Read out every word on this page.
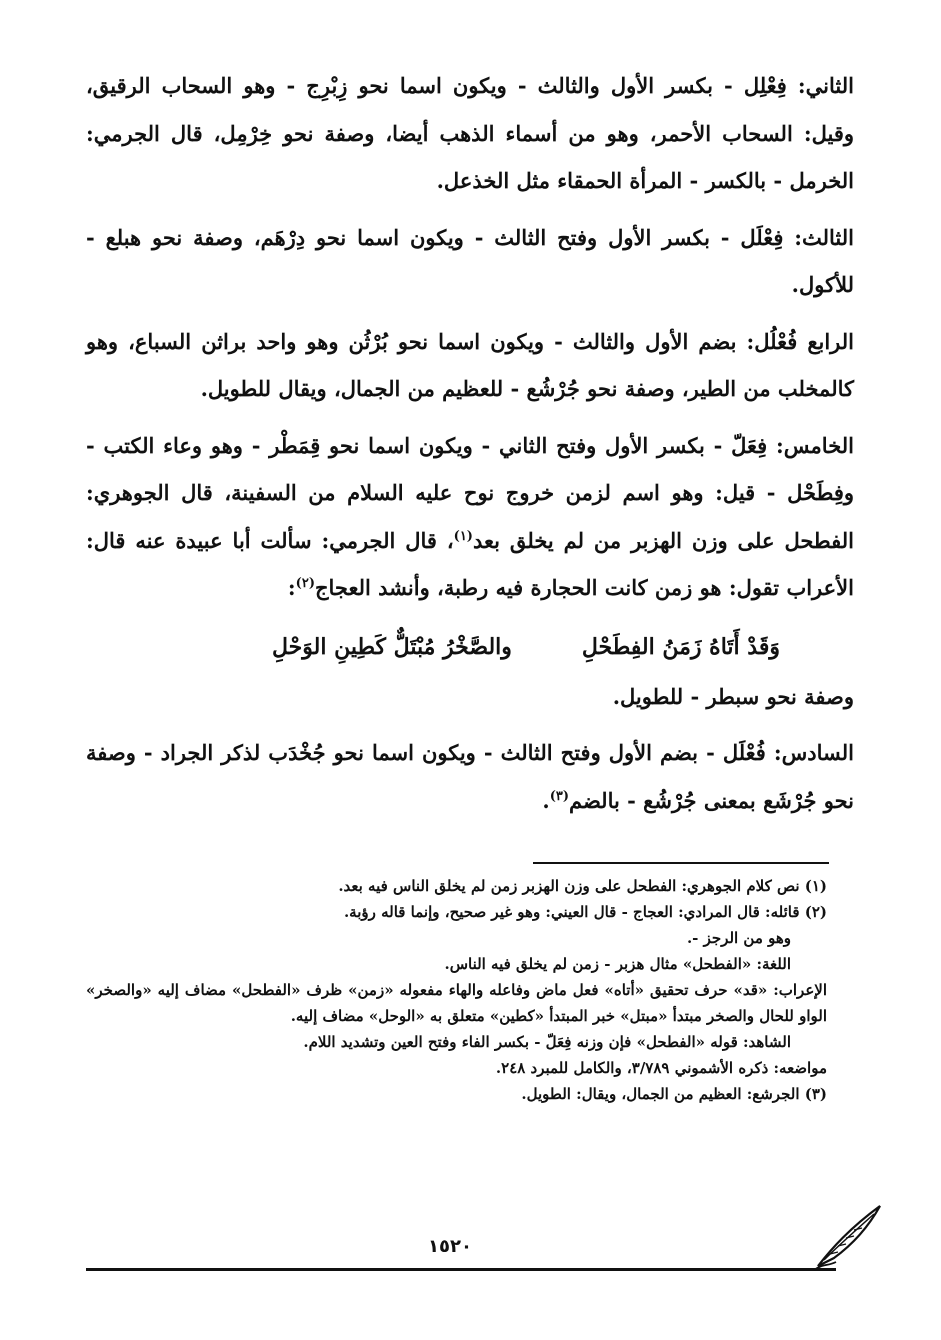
الثاني: فِعْلِل - بكسر الأول والثالث - ويكون اسما نحو زِبْرِج - وهو السحاب الرقيق، وقيل: السحاب الأحمر، وهو من أسماء الذهب أيضا، وصفة نحو خِرْمِل، قال الجرمي: الخرمل - بالكسر - المرأة الحمقاء مثل الخذعل.

الثالث: فِعْلَل - بكسر الأول وفتح الثالث - ويكون اسما نحو دِرْهَم، وصفة نحو هبلع - للأكول.

الرابع فُعْلُل: بضم الأول والثالث - ويكون اسما نحو بُرْثُن وهو واحد براثن السباع، وهو كالمخلب من الطير، وصفة نحو جُرْشُع - للعظيم من الجمال، ويقال للطويل.

الخامس: فِعَلّ - بكسر الأول وفتح الثاني - ويكون اسما نحو قِمَطْر - وهو وعاء الكتب - وفِطَحْل - قيل: وهو اسم لزمن خروج نوح عليه السلام من السفينة، قال الجوهري: الفطحل على وزن الهزبر من لم يخلق بعد$^{(١)}$، قال الجرمي: سألت أبا عبيدة عنه قال: الأعراب تقول: هو زمن كانت الحجارة فيه رطبة، وأنشد العجاج$^{(٢)}$:

وَقَدْ أَتَاهُ زَمَنُ الفِطَحْلِ
والصَّخْرُ مُبْتَلٌّ كَطِينِ الوَحْلِ

وصفة نحو سبطر - للطويل.

السادس: فُعْلَل - بضم الأول وفتح الثالث - ويكون اسما نحو جُخْدَب لذكر الجراد - وصفة نحو جُرْشَع بمعنى جُرْشُع - بالضم$^{(٣)}$.

(١) نص كلام الجوهري: الفطحل على وزن الهزبر زمن لم يخلق الناس فيه بعد.

(٢) قائله: قال المرادي: العجاج - قال العيني: وهو غير صحيح، وإنما قاله رؤبة.

وهو من الرجز -.

اللغة: «الفطحل» مثال هزبر - زمن لم يخلق فيه الناس.

الإعراب: «قد» حرف تحقيق «أتاه» فعل ماض وفاعله والهاء مفعوله «زمن» ظرف «الفطحل» مضاف إليه «والصخر» الواو للحال والصخر مبتدأ «مبتل» خبر المبتدأ «كطين» متعلق به «الوحل» مضاف إليه.

الشاهد: قوله «الفطحل» فإن وزنه فِعَلّ - بكسر الفاء وفتح العين وتشديد اللام.

مواضعه: ذكره الأشموني ٣/٧٨٩، والكامل للمبرد ٢٤٨.

(٣) الجرشع: العظيم من الجمال، ويقال: الطويل.

١٥٢٠
